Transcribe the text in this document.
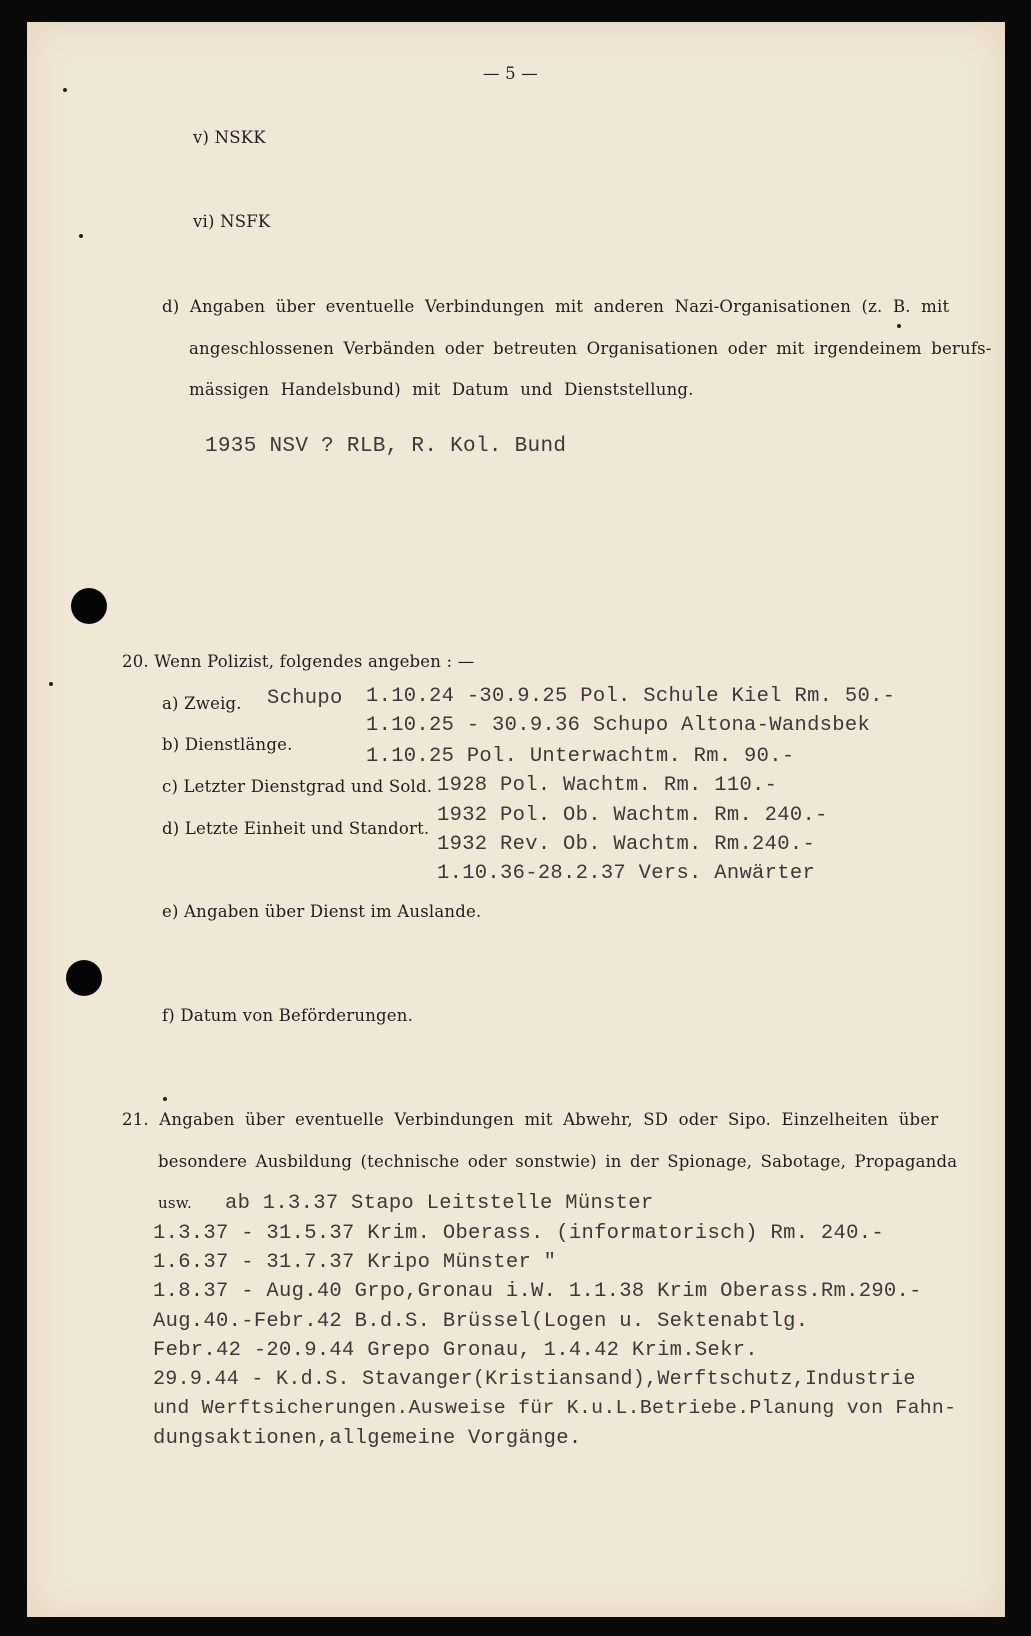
— 5 —
v) NSKK
vi) NSFK
d) Angaben über eventuelle Verbindungen mit anderen Nazi-Organisationen (z. B. mit
angeschlossenen Verbänden oder betreuten Organisationen oder mit irgendeinem berufs-
mässigen Handelsbund) mit Datum und Dienststellung.
1935 NSV ? RLB, R. Kol. Bund
20. Wenn Polizist, folgendes angeben : —
a) Zweig. Schupo 1.10.24 -30.9.25 Pol. Schule Kiel Rm. 50.-
1.10.25 - 30.9.36 Schupo Altona-Wandsbek
b) Dienstlänge.
1.10.25 Pol. Unterwachtm. Rm. 90.-
c) Letzter Dienstgrad und Sold. 1928 Pol. Wachtm. Rm. 110.-
1932 Pol. Ob. Wachtm. Rm. 240.-
d) Letzte Einheit und Standort.
1932 Rev. Ob. Wachtm. Rm.240.-
1.10.36-28.2.37 Vers. Anwärter
e) Angaben über Dienst im Auslande.
f) Datum von Beförderungen.
21. Angaben über eventuelle Verbindungen mit Abwehr, SD oder Sipo. Einzelheiten über
besondere Ausbildung (technische oder sonstwie) in der Spionage, Sabotage, Propaganda
usw. ab 1.3.37 Stapo Leitstelle Münster
1.3.37 - 31.5.37 Krim. Oberass. (informatorisch) Rm. 240.-
1.6.37 - 31.7.37 Kripo Münster "
1.8.37 - Aug.40 Grpo,Gronau i.W. 1.1.38 Krim Oberass.Rm.290.-
Aug.40.-Febr.42 B.d.S. Brüssel(Logen u. Sektenabtlg.
Febr.42 -20.9.44 Grepo Gronau, 1.4.42 Krim.Sekr.
29.9.44 - K.d.S. Stavanger(Kristiansand),Werftschutz,Industrie
und Werftsicherungen.Ausweise für K.u.L.Betriebe.Planung von Fahn-
dungsaktionen,allgemeine Vorgänge.
